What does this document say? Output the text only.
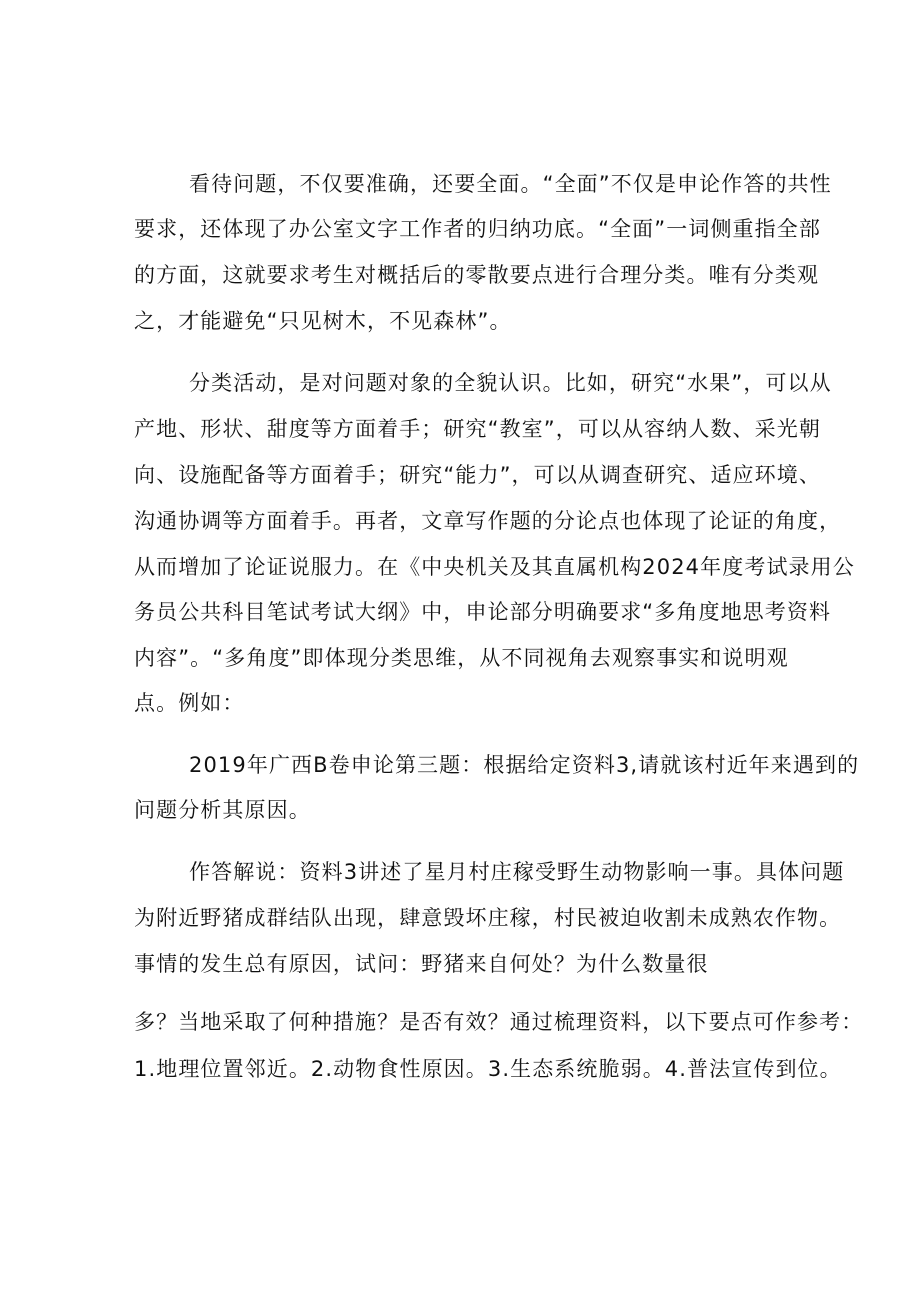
看待问题，不仅要准确，还要全面。“全面”不仅是申论作答的共性
要求，还体现了办公室文字工作者的归纳功底。“全面”一词侧重指全部
的方面，这就要求考生对概括后的零散要点进行合理分类。唯有分类观
之，才能避免“只见树木，不见森林”。
分类活动，是对问题对象的全貌认识。比如，研究“水果”，可以从
产地、形状、甜度等方面着手；研究“教室”，可以从容纳人数、采光朝
向、设施配备等方面着手；研究“能力”，可以从调查研究、适应环境、
沟通协调等方面着手。再者，文章写作题的分论点也体现了论证的角度，
从而增加了论证说服力。在《中央机关及其直属机构2024年度考试录用公
务员公共科目笔试考试大纲》中，申论部分明确要求“多角度地思考资料
内容”。“多角度”即体现分类思维，从不同视角去观察事实和说明观
点。例如：
2019年广西B卷申论第三题：根据给定资料3,请就该村近年来遇到的
问题分析其原因。
作答解说：资料3讲述了星月村庄稼受野生动物影响一事。具体问题
为附近野猪成群结队出现，肆意毁坏庄稼，村民被迫收割未成熟农作物。
事情的发生总有原因，试问：野猪来自何处？为什么数量很
多？当地采取了何种措施？是否有效？通过梳理资料，以下要点可作参考：
1.地理位置邻近。2.动物食性原因。3.生态系统脆弱。4.普法宣传到位。
